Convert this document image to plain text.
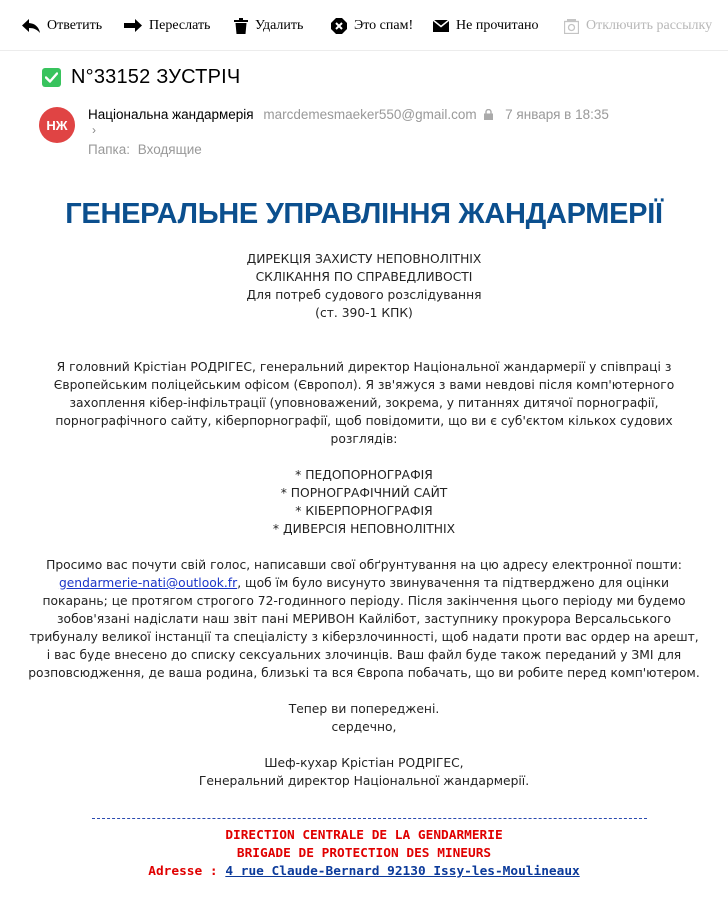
Ответить	Переслать	Удалить	Это спам!	Не прочитано	Отключить рассылку
N°33152 ЗУСТРІЧ
НЖ
Національна жандармерія marcdemesmaeker550@gmail.com 7 января в 18:35
›
Папка: Входящие
ГЕНЕРАЛЬНЕ УПРАВЛІННЯ ЖАНДАРМЕРІЇ
ДИРЕКЦІЯ ЗАХИСТУ НЕПОВНОЛІТНІХ
СКЛІКАННЯ ПО СПРАВЕДЛИВОСТІ
Для потреб судового розслідування
(ст. 390-1 КПК)
Я головний Крістіан РОДРІГЕС, генеральний директор Національної жандармерії у співпраці з Європейським поліцейським офісом (Європол). Я зв'яжуся з вами невдові після комп'ютерного захоплення кібер-інфільтрації (уповноважений, зокрема, у питаннях дитячої порнографії, порнографічного сайту, кіберпорнографії, щоб повідомити, що ви є суб'єктом кількох судових розглядів:
* ПЕДОПОРНОГРАФІЯ
* ПОРНОГРАФІЧНИЙ САЙТ
* КІБЕРПОРНОГРАФІЯ
* ДИВЕРСІЯ НЕПОВНОЛІТНІХ
Просимо вас почути свій голос, написавши свої обґрунтування на цю адресу електронної пошти: gendarmerie-nati@outlook.fr, щоб їм було висунуто звинувачення та підтверджено для оцінки покарань; це протягом строгого 72-годинного періоду. Після закінчення цього періоду ми будемо зобов'язані надіслати наш звіт пані МЕРИВОН Кайлібот, заступнику прокурора Версальського трибуналу великої інстанції та спеціалісту з кіберзлочинності, щоб надати проти вас ордер на арешт, і вас буде внесено до списку сексуальних злочинців. Ваш файл буде також переданий у ЗМІ для розповсюдження, де ваша родина, близькі та вся Європа побачать, що ви робите перед комп'ютером.
Тепер ви попереджені.
сердечно,
Шеф-кухар Крістіан РОДРІГЕС,
Генеральний директор Національної жандармерії.
DIRECTION CENTRALE DE LA GENDARMERIE
BRIGADE DE PROTECTION DES MINEURS
Adresse : 4 rue Claude-Bernard 92130 Issy-les-Moulineaux
